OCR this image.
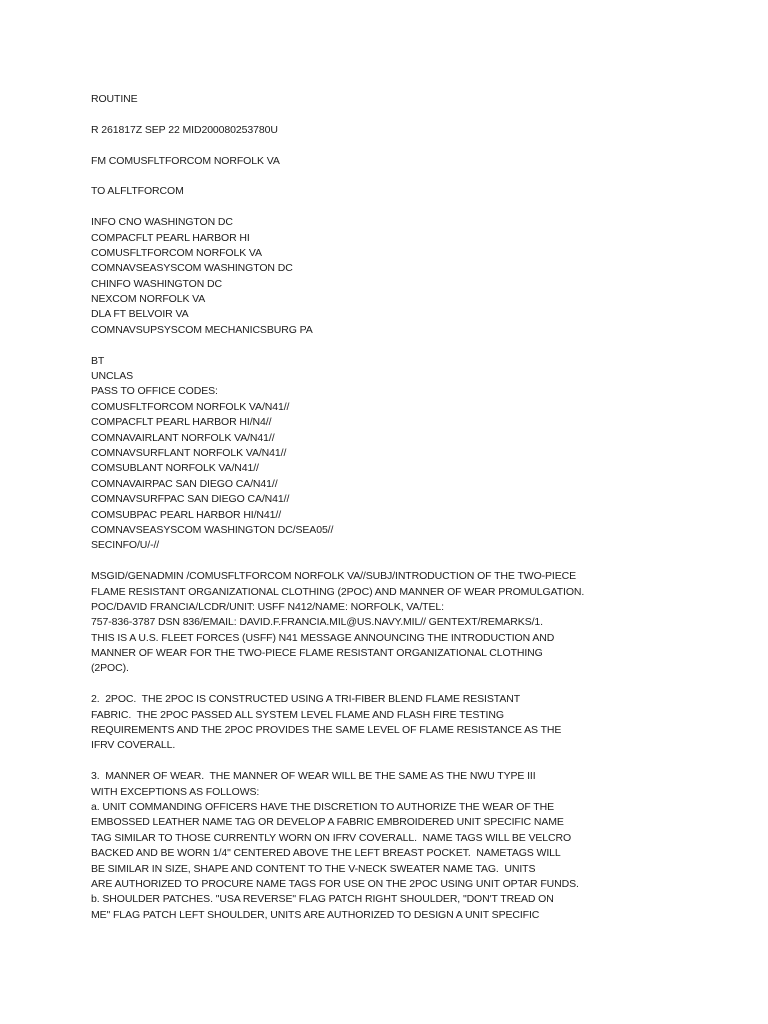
ROUTINE
R 261817Z SEP 22 MID200080253780U
FM COMUSFLTFORCOM NORFOLK VA
TO ALFLTFORCOM
INFO CNO WASHINGTON DC
COMPACFLT PEARL HARBOR HI
COMUSFLTFORCOM NORFOLK VA
COMNAVSEASYSCOM WASHINGTON DC
CHINFO WASHINGTON DC
NEXCOM NORFOLK VA
DLA FT BELVOIR VA
COMNAVSUPSYSCOM MECHANICSBURG PA
BT
UNCLAS
PASS TO OFFICE CODES:
COMUSFLTFORCOM NORFOLK VA/N41//
COMPACFLT PEARL HARBOR HI/N4//
COMNAVAIRLANT NORFOLK VA/N41//
COMNAVSURFLANT NORFOLK VA/N41//
COMSUBLANT NORFOLK VA/N41//
COMNAVAIRPAC SAN DIEGO CA/N41//
COMNAVSURFPAC SAN DIEGO CA/N41//
COMSUBPAC PEARL HARBOR HI/N41//
COMNAVSEASYSCOM WASHINGTON DC/SEA05//
SECINFO/U/-//
MSGID/GENADMIN /COMUSFLTFORCOM NORFOLK VA//SUBJ/INTRODUCTION OF THE TWO-PIECE
FLAME RESISTANT ORGANIZATIONAL CLOTHING (2POC) AND MANNER OF WEAR PROMULGATION.
POC/DAVID FRANCIA/LCDR/UNIT: USFF N412/NAME: NORFOLK, VA/TEL:
757-836-3787 DSN 836/EMAIL: DAVID.F.FRANCIA.MIL@US.NAVY.MIL// GENTEXT/REMARKS/1.
THIS IS A U.S. FLEET FORCES (USFF) N41 MESSAGE ANNOUNCING THE INTRODUCTION AND
MANNER OF WEAR FOR THE TWO-PIECE FLAME RESISTANT ORGANIZATIONAL CLOTHING
(2POC).
2.  2POC.  THE 2POC IS CONSTRUCTED USING A TRI-FIBER BLEND FLAME RESISTANT
FABRIC.  THE 2POC PASSED ALL SYSTEM LEVEL FLAME AND FLASH FIRE TESTING
REQUIREMENTS AND THE 2POC PROVIDES THE SAME LEVEL OF FLAME RESISTANCE AS THE
IFRV COVERALL.
3.  MANNER OF WEAR.  THE MANNER OF WEAR WILL BE THE SAME AS THE NWU TYPE III
WITH EXCEPTIONS AS FOLLOWS:
a. UNIT COMMANDING OFFICERS HAVE THE DISCRETION TO AUTHORIZE THE WEAR OF THE
EMBOSSED LEATHER NAME TAG OR DEVELOP A FABRIC EMBROIDERED UNIT SPECIFIC NAME
TAG SIMILAR TO THOSE CURRENTLY WORN ON IFRV COVERALL.  NAME TAGS WILL BE VELCRO
BACKED AND BE WORN 1/4" CENTERED ABOVE THE LEFT BREAST POCKET.  NAMETAGS WILL
BE SIMILAR IN SIZE, SHAPE AND CONTENT TO THE V-NECK SWEATER NAME TAG.  UNITS
ARE AUTHORIZED TO PROCURE NAME TAGS FOR USE ON THE 2POC USING UNIT OPTAR FUNDS.
b. SHOULDER PATCHES. "USA REVERSE" FLAG PATCH RIGHT SHOULDER, "DON'T TREAD ON
ME" FLAG PATCH LEFT SHOULDER, UNITS ARE AUTHORIZED TO DESIGN A UNIT SPECIFIC
